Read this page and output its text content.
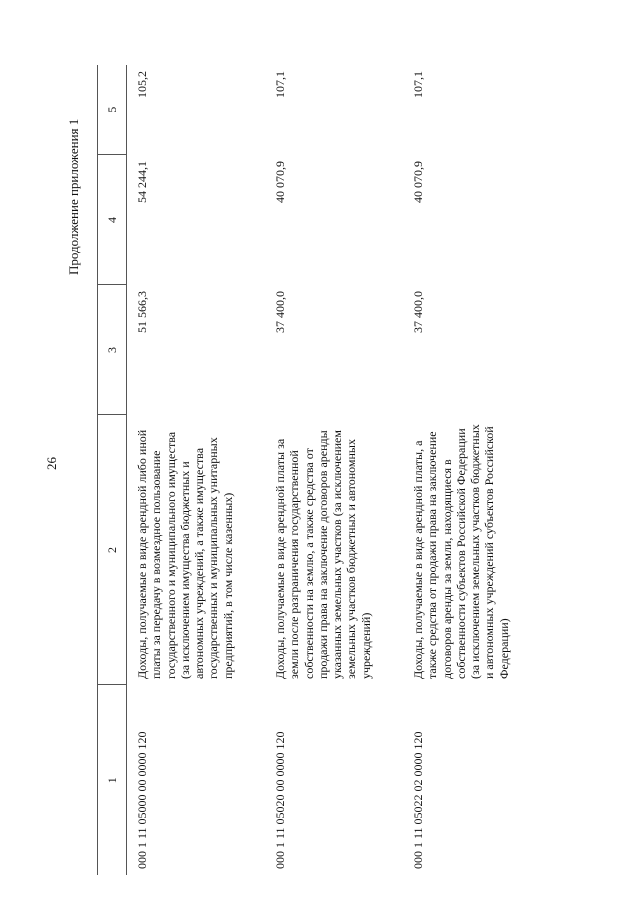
Продолжение приложения 1
26
1	2	3	4	5
000 1 11 05000 00 0000 120	Доходы, получаемые в виде арендной либо иной платы за передачу в возмездное пользование государственного и муниципального имущества (за исключением имущества бюджетных и автономных учреждений, а также имущества государственных и муниципальных унитарных предприятий, в том числе казенных)	51 566,3	54 244,1	105,2
000 1 11 05020 00 0000 120	Доходы, получаемые в виде арендной платы за земли после разграничения государственной собственности на землю, а также средства от продажи права на заключение договоров аренды указанных земельных участков (за исключением земельных участков бюджетных и автономных учреждений)	37 400,0	40 070,9	107,1
000 1 11 05022 02 0000 120	Доходы, получаемые в виде арендной платы, а также средства от продажи права на заключение договоров аренды за земли, находящиеся в собственности субъектов Российской Федерации (за исключением земельных участков бюджетных и автономных учреждений субъектов Российской Федерации)	37 400,0	40 070,9	107,1
